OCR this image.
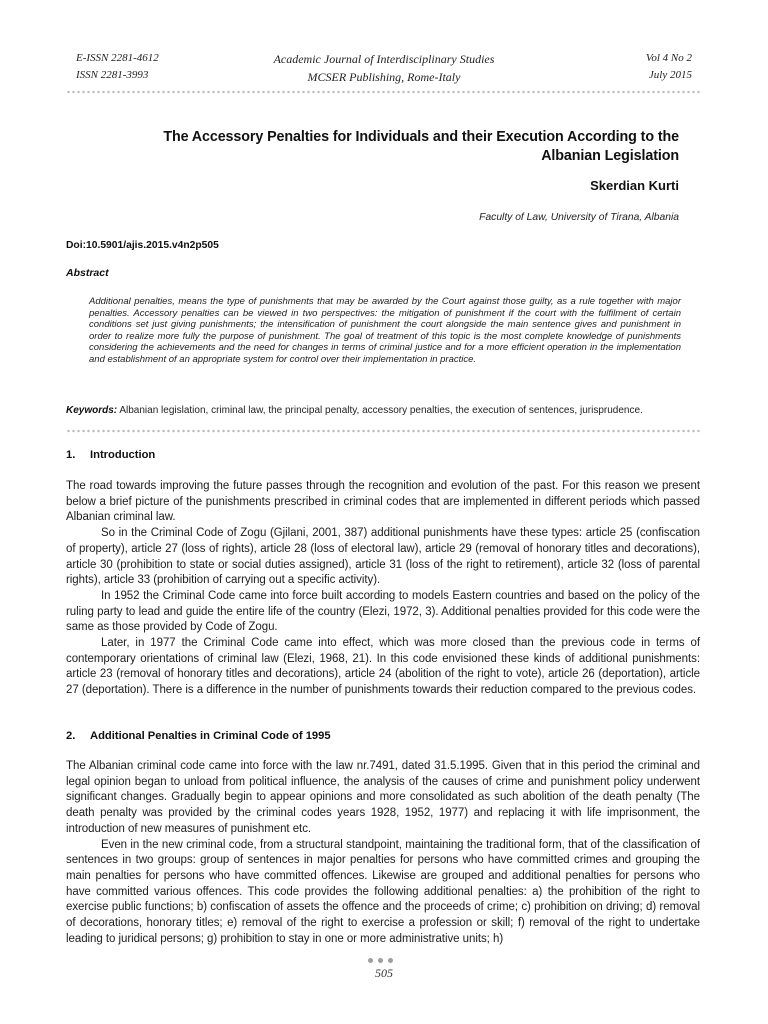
E-ISSN 2281-4612
ISSN 2281-3993
Academic Journal of Interdisciplinary Studies
MCSER Publishing, Rome-Italy
Vol 4 No 2
July 2015
The Accessory Penalties for Individuals and their Execution According to the
Albanian Legislation
Skerdian Kurti
Faculty of Law, University of Tirana, Albania
Doi:10.5901/ajis.2015.v4n2p505
Abstract
Additional penalties, means the type of punishments that may be awarded by the Court against those guilty, as a rule together with major penalties. Accessory penalties can be viewed in two perspectives: the mitigation of punishment if the court with the fulfilment of certain conditions set just giving punishments; the intensification of punishment the court alongside the main sentence gives and punishment in order to realize more fully the purpose of punishment. The goal of treatment of this topic is the most complete knowledge of punishments considering the achievements and the need for changes in terms of criminal justice and for a more efficient operation in the implementation and establishment of an appropriate system for control over their implementation in practice.
Keywords: Albanian legislation, criminal law, the principal penalty, accessory penalties, the execution of sentences, jurisprudence.
1. Introduction

The road towards improving the future passes through the recognition and evolution of the past. For this reason we present below a brief picture of the punishments prescribed in criminal codes that are implemented in different periods which passed Albanian criminal law.

So in the Criminal Code of Zogu (Gjilani, 2001, 387) additional punishments have these types: article 25 (confiscation of property), article 27 (loss of rights), article 28 (loss of electoral law), article 29 (removal of honorary titles and decorations), article 30 (prohibition to state or social duties assigned), article 31 (loss of the right to retirement), article 32 (loss of parental rights), article 33 (prohibition of carrying out a specific activity).

In 1952 the Criminal Code came into force built according to models Eastern countries and based on the policy of the ruling party to lead and guide the entire life of the country (Elezi, 1972, 3). Additional penalties provided for this code were the same as those provided by Code of Zogu.

Later, in 1977 the Criminal Code came into effect, which was more closed than the previous code in terms of contemporary orientations of criminal law (Elezi, 1968, 21). In this code envisioned these kinds of additional punishments: article 23 (removal of honorary titles and decorations), article 24 (abolition of the right to vote), article 26 (deportation), article 27 (deportation). There is a difference in the number of punishments towards their reduction compared to the previous codes.

2. Additional Penalties in Criminal Code of 1995

The Albanian criminal code came into force with the law nr.7491, dated 31.5.1995. Given that in this period the criminal and legal opinion began to unload from political influence, the analysis of the causes of crime and punishment policy underwent significant changes. Gradually begin to appear opinions and more consolidated as such abolition of the death penalty (The death penalty was provided by the criminal codes years 1928, 1952, 1977) and replacing it with life imprisonment, the introduction of new measures of punishment etc.

Even in the new criminal code, from a structural standpoint, maintaining the traditional form, that of the classification of sentences in two groups: group of sentences in major penalties for persons who have committed crimes and grouping the main penalties for persons who have committed offences. Likewise are grouped and additional penalties for persons who have committed various offences. This code provides the following additional penalties: a) the prohibition of the right to exercise public functions; b) confiscation of assets the offence and the proceeds of crime; c) prohibition on driving; d) removal of decorations, honorary titles; e) removal of the right to exercise a profession or skill; f) removal of the right to undertake leading to juridical persons; g) prohibition to stay in one or more administrative units; h)

505
